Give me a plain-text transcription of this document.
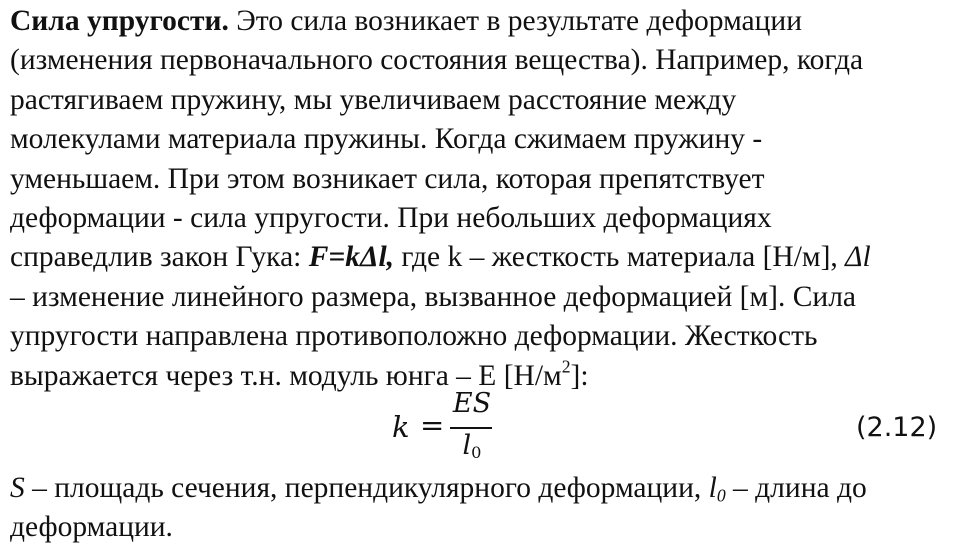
Сила упругости. Это сила возникает в результате деформации
(изменения первоначального состояния вещества). Например, когда
растягиваем пружину, мы увеличиваем расстояние между
молекулами материала пружины. Когда сжимаем пружину -
уменьшаем. При этом возникает сила, которая препятствует
деформации - сила упругости. При небольших деформациях
справедлив закон Гука: F=kΔl, где k – жесткость материала [Н/м], Δl
– изменение линейного размера, вызванное деформацией [м]. Сила
упругости направлена противоположно деформации. Жесткость
выражается через т.н. модуль юнга – E $[Н/м^2]$:
k =
ES
$l_0$
(2.12)
S – площадь сечения, перпендикулярного деформации, $l_0$ – длина до
деформации.
